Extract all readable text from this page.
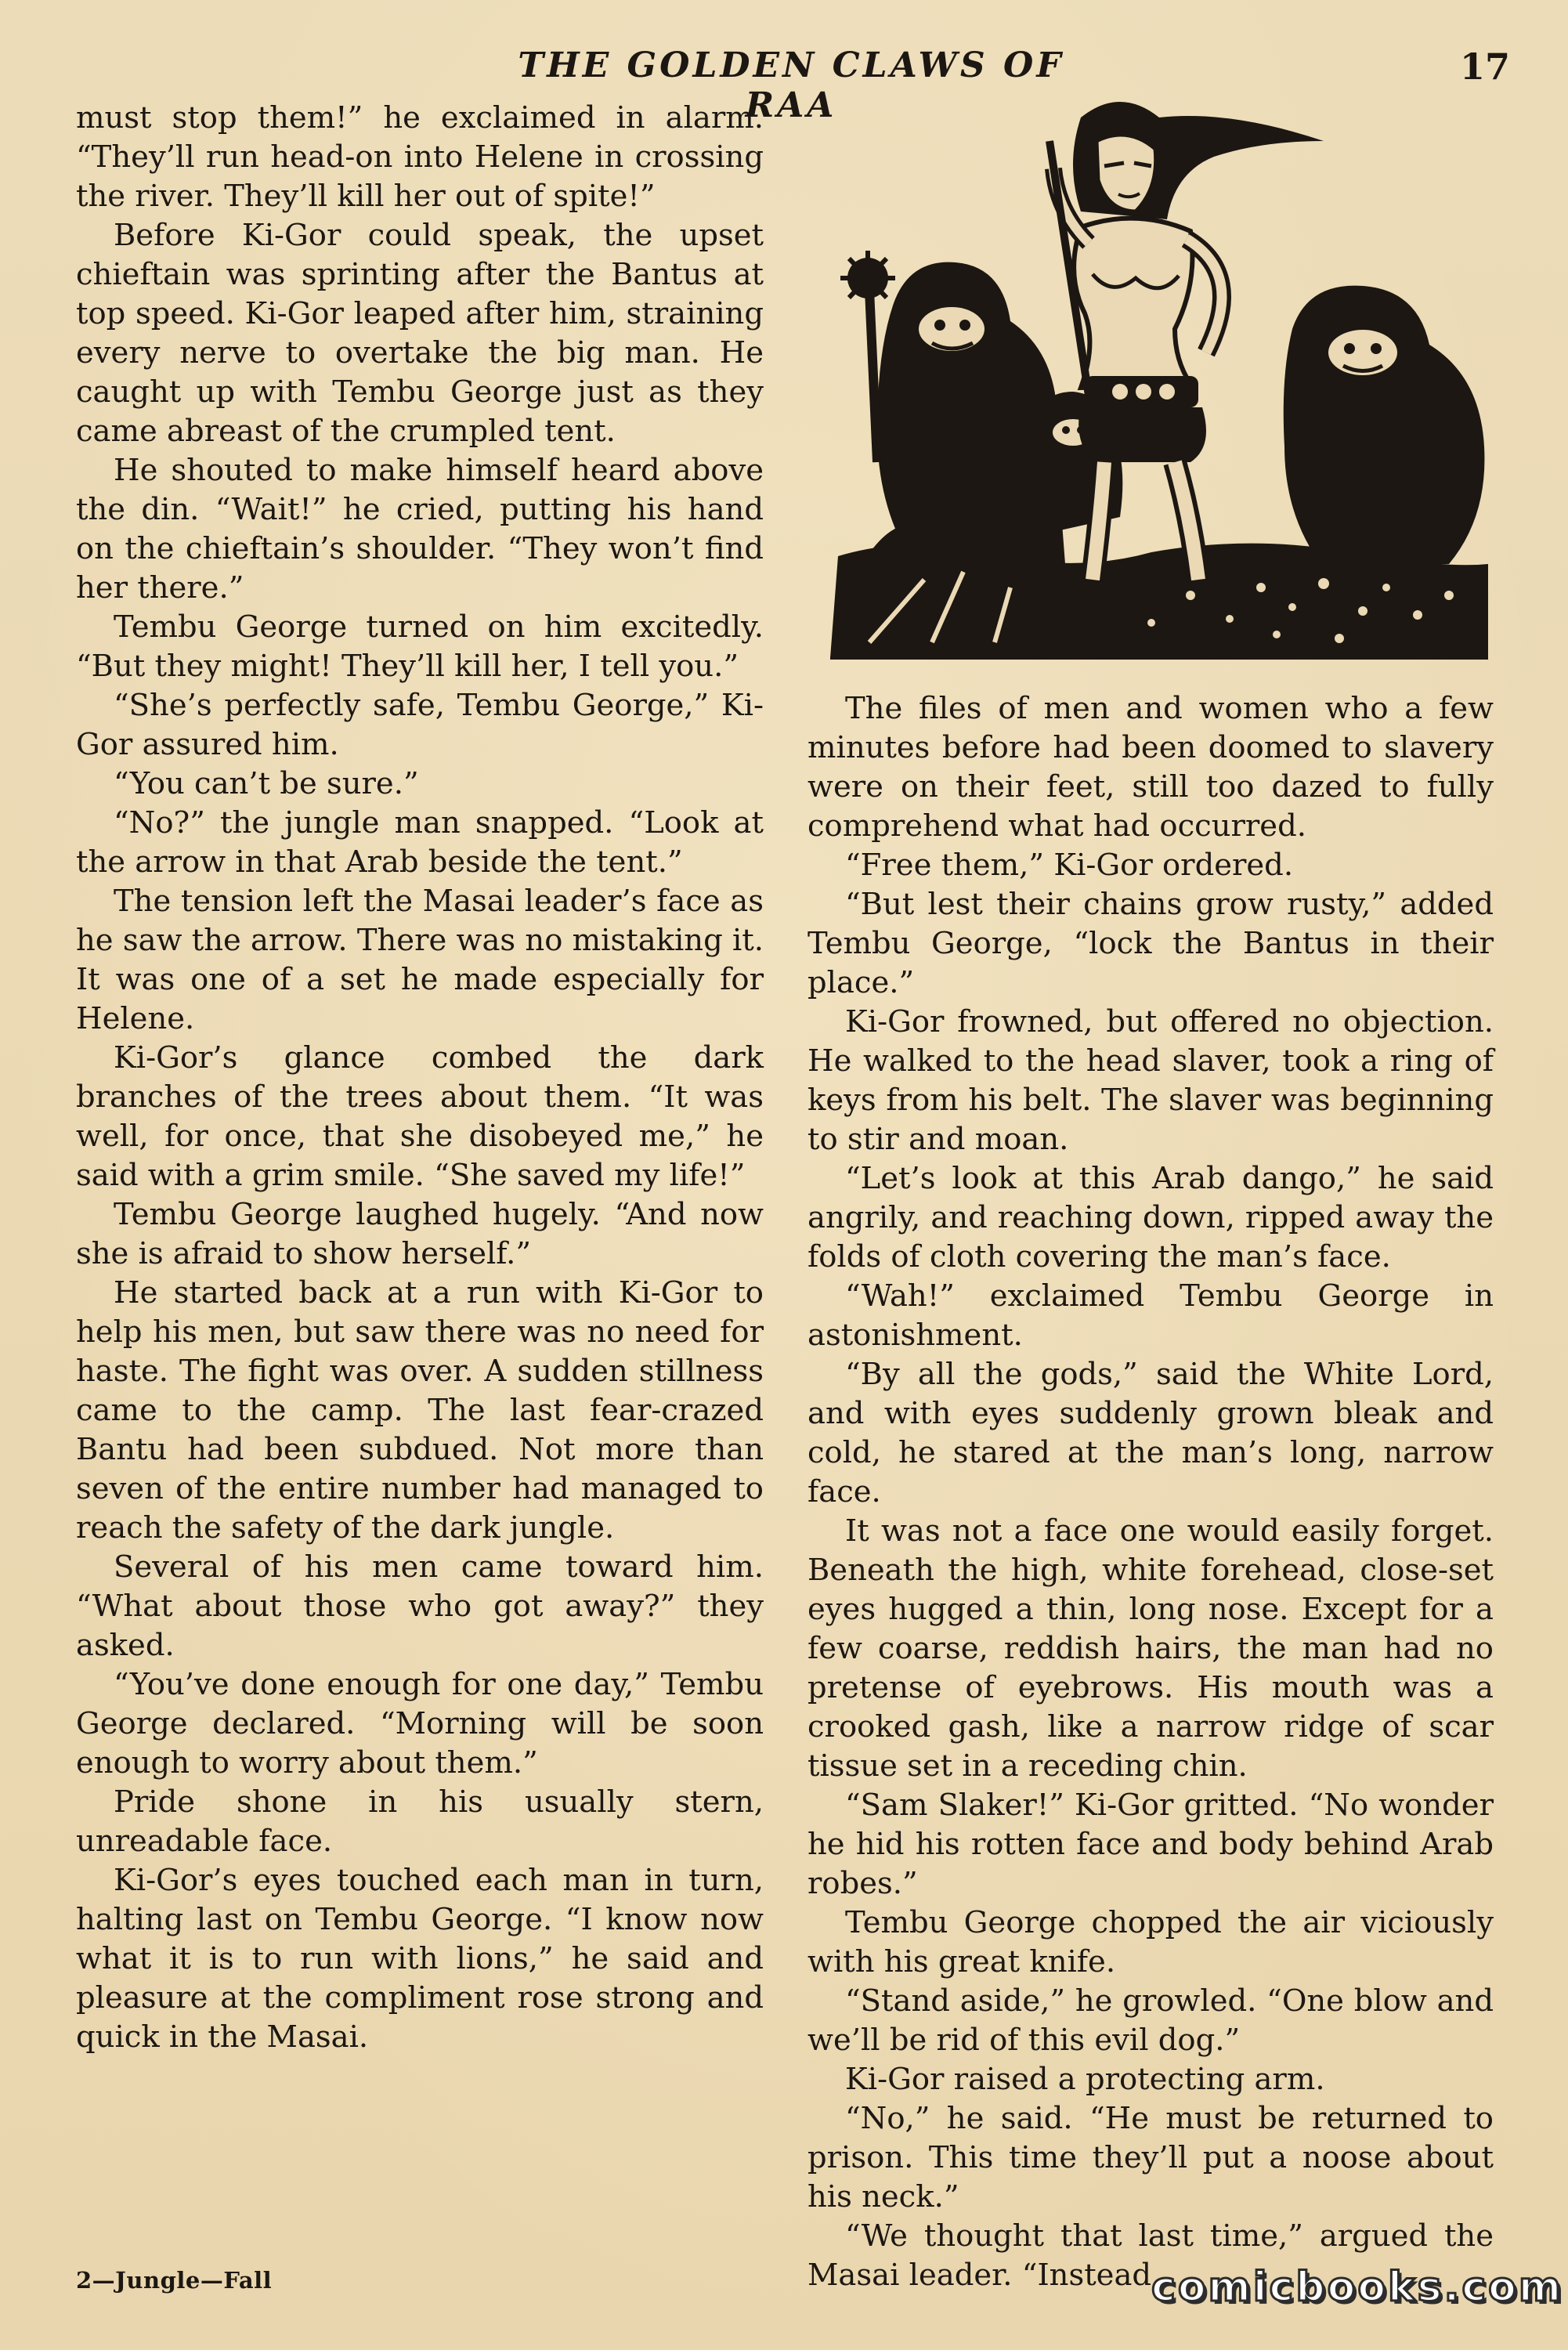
THE GOLDEN CLAWS OF RAA
17

must stop them!” he exclaimed in alarm. “They’ll run head-on into Helene in crossing the river. They’ll kill her out of spite!”

Before Ki-Gor could speak, the upset chieftain was sprinting after the Bantus at top speed. Ki-Gor leaped after him, straining every nerve to overtake the big man. He caught up with Tembu George just as they came abreast of the crumpled tent.

He shouted to make himself heard above the din. “Wait!” he cried, putting his hand on the chieftain’s shoulder. “They won’t find her there.”

Tembu George turned on him excitedly. “But they might! They’ll kill her, I tell you.”

“She’s perfectly safe, Tembu George,” Ki-Gor assured him.

“You can’t be sure.”

“No?” the jungle man snapped. “Look at the arrow in that Arab beside the tent.”

The tension left the Masai leader’s face as he saw the arrow. There was no mistaking it. It was one of a set he made especially for Helene.

Ki-Gor’s glance combed the dark branches of the trees about them. “It was well, for once, that she disobeyed me,” he said with a grim smile. “She saved my life!”

Tembu George laughed hugely. “And now she is afraid to show herself.”

He started back at a run with Ki-Gor to help his men, but saw there was no need for haste. The fight was over. A sudden stillness came to the camp. The last fear-crazed Bantu had been subdued. Not more than seven of the entire number had managed to reach the safety of the dark jungle.

Several of his men came toward him. “What about those who got away?” they asked.

“You’ve done enough for one day,” Tembu George declared. “Morning will be soon enough to worry about them.”

Pride shone in his usually stern, unreadable face.

Ki-Gor’s eyes touched each man in turn, halting last on Tembu George. “I know now what it is to run with lions,” he said and pleasure at the compliment rose strong and quick in the Masai.

The files of men and women who a few minutes before had been doomed to slavery were on their feet, still too dazed to fully comprehend what had occurred.

“Free them,” Ki-Gor ordered.

“But lest their chains grow rusty,” added Tembu George, “lock the Bantus in their place.”

Ki-Gor frowned, but offered no objection. He walked to the head slaver, took a ring of keys from his belt. The slaver was beginning to stir and moan.

“Let’s look at this Arab dango,” he said angrily, and reaching down, ripped away the folds of cloth covering the man’s face.

“Wah!” exclaimed Tembu George in astonishment.

“By all the gods,” said the White Lord, and with eyes suddenly grown bleak and cold, he stared at the man’s long, narrow face.

It was not a face one would easily forget. Beneath the high, white forehead, close-set eyes hugged a thin, long nose. Except for a few coarse, reddish hairs, the man had no pretense of eyebrows. His mouth was a crooked gash, like a narrow ridge of scar tissue set in a receding chin.

“Sam Slaker!” Ki-Gor gritted. “No wonder he hid his rotten face and body behind Arab robes.”

Tembu George chopped the air viciously with his great knife.

“Stand aside,” he growled. “One blow and we’ll be rid of this evil dog.”

Ki-Gor raised a protecting arm.

“No,” he said. “He must be returned to prison. This time they’ll put a noose about his neck.”

“We thought that last time,” argued the Masai leader. “Instead

2—Jungle—Fall	comicbooks.com
